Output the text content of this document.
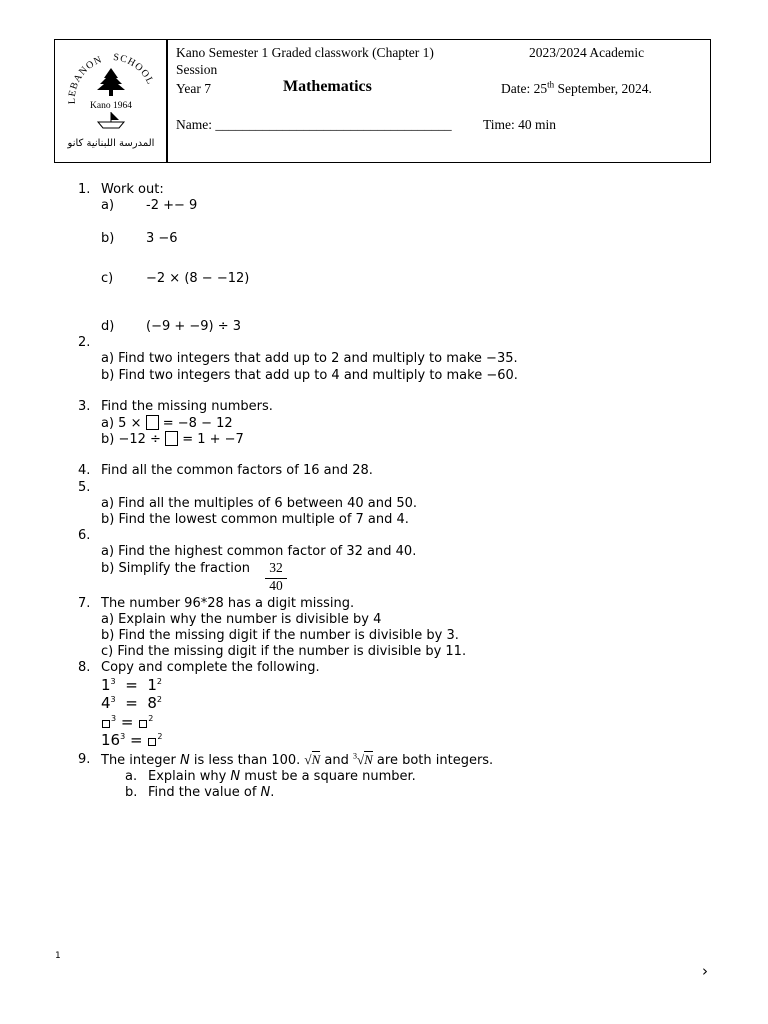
LEBANON SCHOOL
Kano 1964
المدرسة اللبنانية كانو
Kano Semester 1 Graded classwork (Chapter 1)	2023/2024 Academic
Session
Year 7	Mathematics	Date: 25th September, 2024.
Name: ___________________________________ Time: 40 min
1. Work out:
a) -2 +− 9
b) 3 −6
c)	−2 × (8 − −12)
d) (−9 + −9) ÷ 3
2.
a) Find two integers that add up to 2 and multiply to make −35.
b) Find two integers that add up to 4 and multiply to make −60.
3. Find the missing numbers.
a) 5 ×  = −8 − 12
b) −12 ÷  = 1 + −7
4. Find all the common factors of 16 and 28.
5.
a) Find all the multiples of 6 between 40 and 50.
b) Find the lowest common multiple of 7 and 4.
6.
a) Find the highest common factor of 32 and 40.
b) Simplify the fraction	32
40
7. The number 96*28 has a digit missing.
a) Explain why the number is divisible by 4
b) Find the missing digit if the number is divisible by 3.
c) Find the missing digit if the number is divisible by 11.
8. Copy and complete the following.
$1^3 = 1^2$
$4^3 = 8^2$
$^3$ = $^2$
$16^3 = ^2$
9. The integer N is less than 100. √N and $^3$√N are both integers.
a. Explain why N must be a square number.
b. Find the value of N.
1
›
